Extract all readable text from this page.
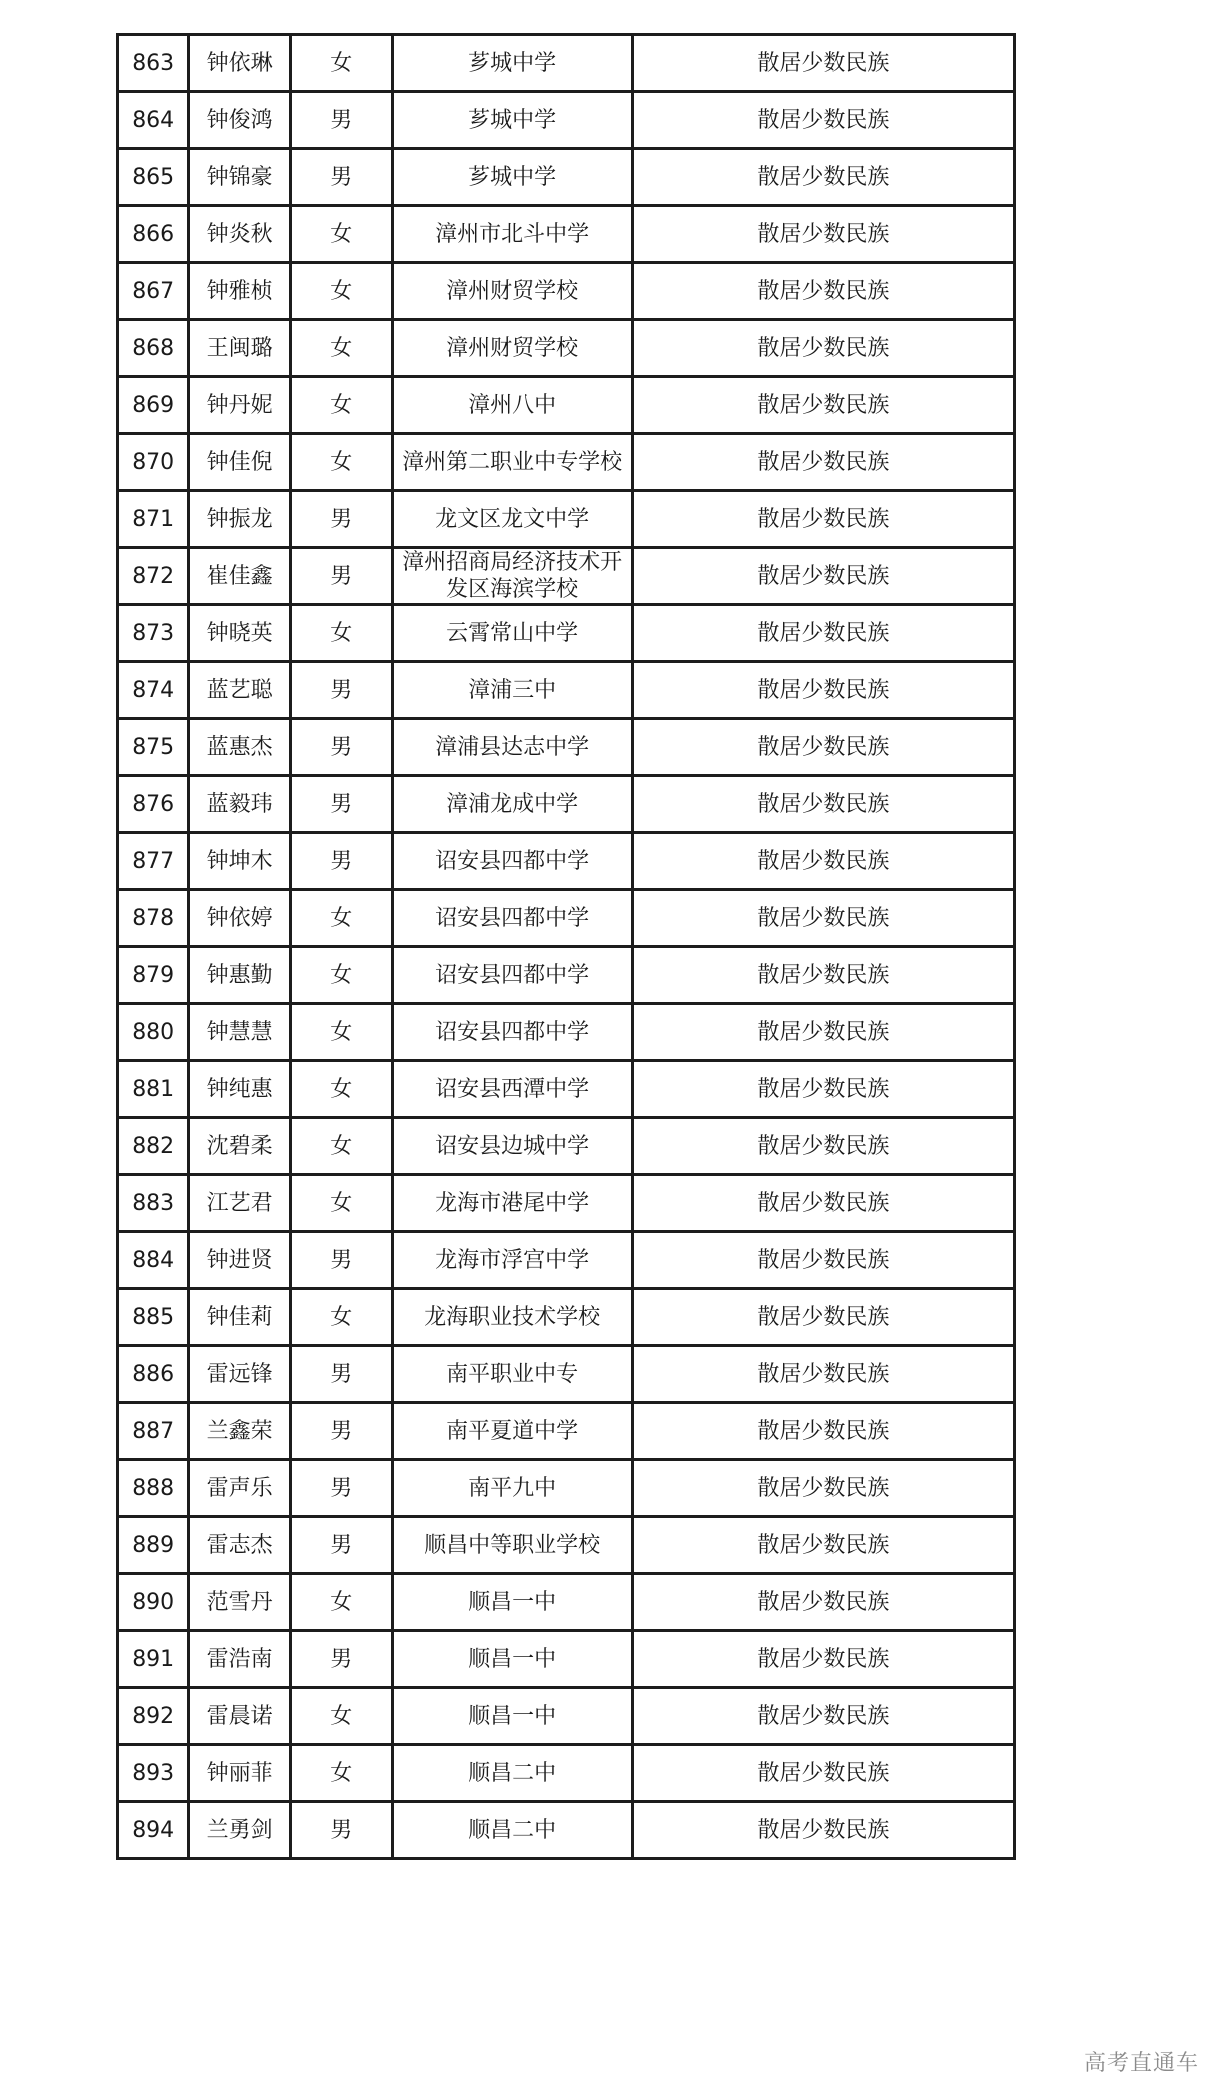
863	钟依琳	女	芗城中学	散居少数民族
864	钟俊鸿	男	芗城中学	散居少数民族
865	钟锦豪	男	芗城中学	散居少数民族
866	钟炎秋	女	漳州市北斗中学	散居少数民族
867	钟雅桢	女	漳州财贸学校	散居少数民族
868	王闽璐	女	漳州财贸学校	散居少数民族
869	钟丹妮	女	漳州八中	散居少数民族
870	钟佳倪	女	漳州第二职业中专学校	散居少数民族
871	钟振龙	男	龙文区龙文中学	散居少数民族
872	崔佳鑫	男	漳州招商局经济技术开发区海滨学校	散居少数民族
873	钟晓英	女	云霄常山中学	散居少数民族
874	蓝艺聪	男	漳浦三中	散居少数民族
875	蓝惠杰	男	漳浦县达志中学	散居少数民族
876	蓝毅玮	男	漳浦龙成中学	散居少数民族
877	钟坤木	男	诏安县四都中学	散居少数民族
878	钟依婷	女	诏安县四都中学	散居少数民族
879	钟惠勤	女	诏安县四都中学	散居少数民族
880	钟慧慧	女	诏安县四都中学	散居少数民族
881	钟纯惠	女	诏安县西潭中学	散居少数民族
882	沈碧柔	女	诏安县边城中学	散居少数民族
883	江艺君	女	龙海市港尾中学	散居少数民族
884	钟进贤	男	龙海市浮宫中学	散居少数民族
885	钟佳莉	女	龙海职业技术学校	散居少数民族
886	雷远锋	男	南平职业中专	散居少数民族
887	兰鑫荣	男	南平夏道中学	散居少数民族
888	雷声乐	男	南平九中	散居少数民族
889	雷志杰	男	顺昌中等职业学校	散居少数民族
890	范雪丹	女	顺昌一中	散居少数民族
891	雷浩南	男	顺昌一中	散居少数民族
892	雷晨诺	女	顺昌一中	散居少数民族
893	钟丽菲	女	顺昌二中	散居少数民族
894	兰勇剑	男	顺昌二中	散居少数民族
高考直通车
